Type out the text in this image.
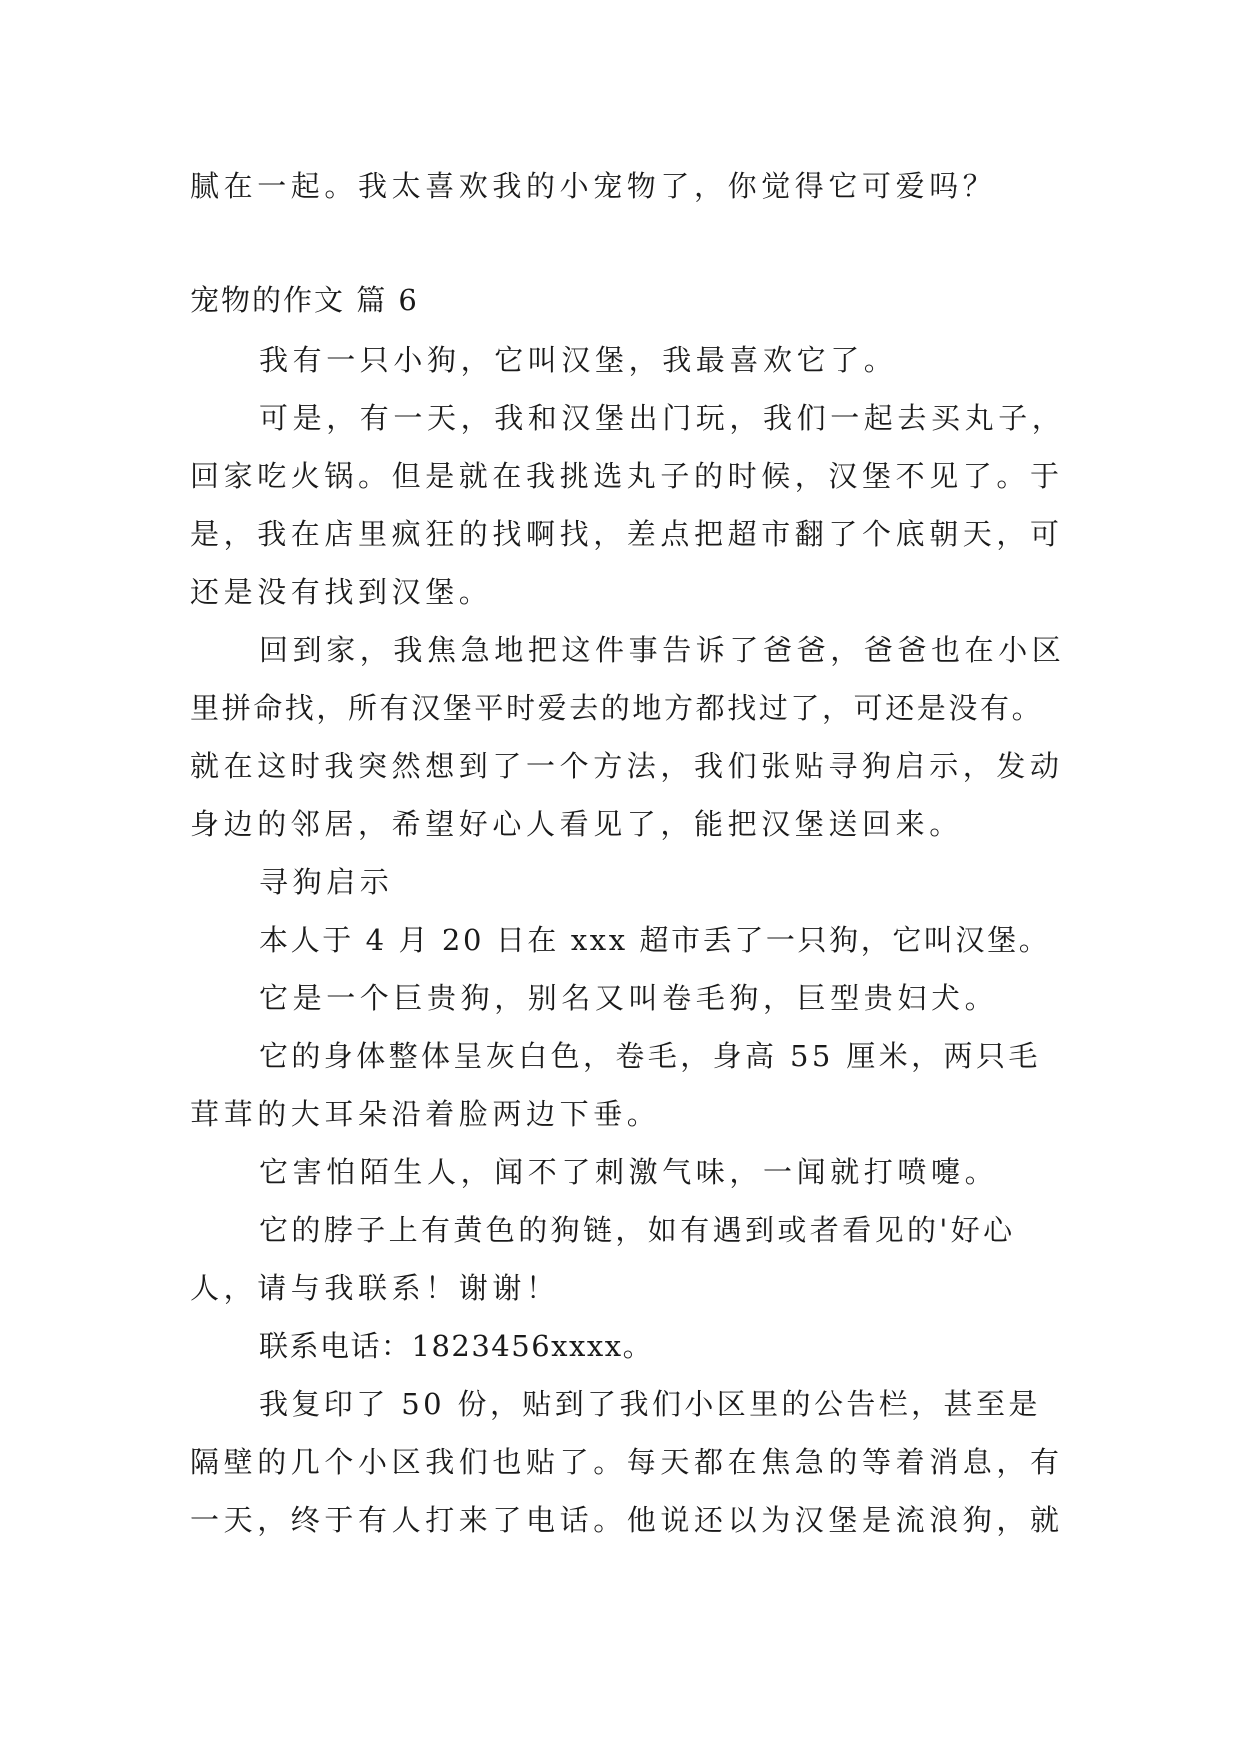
腻在一起。我太喜欢我的小宠物了，你觉得它可爱吗？
宠物的作文 篇 6
我有一只小狗，它叫汉堡，我最喜欢它了。
可是，有一天，我和汉堡出门玩，我们一起去买丸子，
回家吃火锅。但是就在我挑选丸子的时候，汉堡不见了。于
是，我在店里疯狂的找啊找，差点把超市翻了个底朝天，可
还是没有找到汉堡。
回到家，我焦急地把这件事告诉了爸爸，爸爸也在小区
里拼命找，所有汉堡平时爱去的地方都找过了，可还是没有。
就在这时我突然想到了一个方法，我们张贴寻狗启示，发动
身边的邻居，希望好心人看见了，能把汉堡送回来。
寻狗启示
本人于 4 月 20 日在 xxx 超市丢了一只狗，它叫汉堡。
它是一个巨贵狗，别名又叫卷毛狗，巨型贵妇犬。
它的身体整体呈灰白色，卷毛，身高 55 厘米，两只毛
茸茸的大耳朵沿着脸两边下垂。
它害怕陌生人，闻不了刺激气味，一闻就打喷嚏。
它的脖子上有黄色的狗链，如有遇到或者看见的'好心
人，请与我联系！谢谢！
联系电话：1823456xxxx。
我复印了 50 份，贴到了我们小区里的公告栏，甚至是
隔壁的几个小区我们也贴了。每天都在焦急的等着消息，有
一天，终于有人打来了电话。他说还以为汉堡是流浪狗，就
